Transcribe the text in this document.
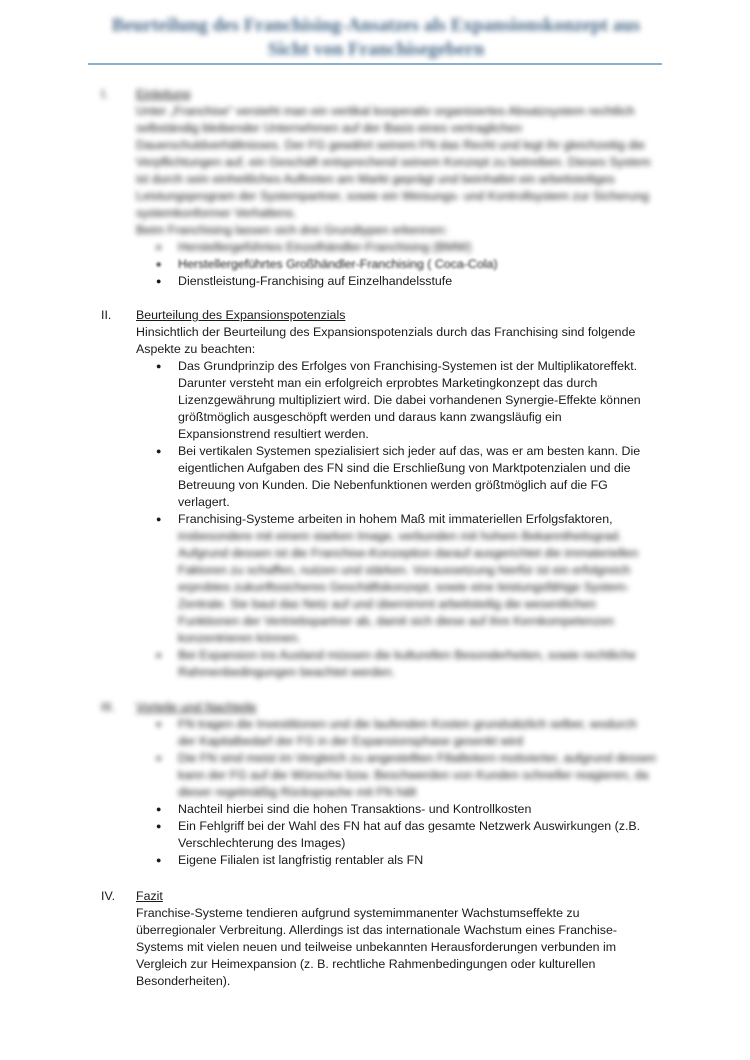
Beurteilung des Franchising-Ansatzes als Expansionskonzept aus Sicht von Franchisegebern
I.	Einleitung

Unter „Franchise“ versteht man ein vertikal kooperativ organisiertes Absatzsystem rechtlich selbständig bleibender Unternehmen auf der Basis eines vertraglichen Dauerschuldverhältnisses. Der FG gewährt seinem FN das Recht und legt ihr gleichzeitig die Verpflichtungen auf, ein Geschäft entsprechend seinem Konzept zu betreiben. Dieses System ist durch sein einheitliches Auftreten am Markt geprägt und beinhaltet ein arbeitsteiliges Leistungsprogram der Systempartner, sowie ein Weisungs- und Kontrollsystem zur Sicherung systemkonformer Verhaltens.

Beim Franchising lassen sich drei Grundtypen erkennen:

● Herstellergeführtes Einzelhändler-Franchising (BMW)
● Herstellergeführtes Großhändler-Franchising ( Coca-Cola)
● Dienstleistung-Franchising auf Einzelhandelsstufe
II.	Beurteilung des Expansionspotenzials

Hinsichtlich der Beurteilung des Expansionspotenzials durch das Franchising sind folgende Aspekte zu beachten:

● Das Grundprinzip des Erfolges von Franchising-Systemen ist der Multiplikatoreffekt. Darunter versteht man ein erfolgreich erprobtes Marketingkonzept das durch Lizenzgewährung multipliziert wird. Die dabei vorhandenen Synergie-Effekte können größtmöglich ausgeschöpft werden und daraus kann zwangsläufig ein Expansionstrend resultiert werden.
● Bei vertikalen Systemen spezialisiert sich jeder auf das, was er am besten kann. Die eigentlichen Aufgaben des FN sind die Erschließung von Marktpotenzialen und die Betreuung von Kunden. Die Nebenfunktionen werden größtmöglich auf die FG verlagert.
● Franchising-Systeme arbeiten in hohem Maß mit immateriellen Erfolgsfaktoren,
insbesondere mit einem starken Image, verbunden mit hohem Bekanntheitsgrad. Aufgrund dessen ist die Franchise-Konzeption darauf ausgerichtet die immateriellen Faktoren zu schaffen, nutzen und stärken. Voraussetzung hierfür ist ein erfolgreich erprobtes zukunftssicheres Geschäftskonzept, sowie eine leistungsfähige System-Zentrale. Sie baut das Netz auf und übernimmt arbeitsteilig die wesentlichen Funktionen der Vertriebspartner ab, damit sich diese auf ihre Kernkompetenzen konzentrieren können.
● Bei Expansion ins Ausland müssen die kulturellen Besonderheiten, sowie rechtliche Rahmenbedingungen beachtet werden.
III.	Vorteile und Nachteile

● FN tragen die Investitionen und die laufenden Kosten grundsätzlich selber, wodurch der Kapitalbedarf der FG in der Expansionsphase gesenkt wird
● Die FN sind meist im Vergleich zu angestellten Filialleitern motivierter, aufgrund dessen kann der FG auf die Wünsche bzw. Beschwerden von Kunden schneller reagieren, da dieser regelmäßig Rücksprache mit FN hält
● Nachteil hierbei sind die hohen Transaktions- und Kontrollkosten
● Ein Fehlgriff bei der Wahl des FN hat auf das gesamte Netzwerk Auswirkungen (z.B. Verschlechterung des Images)
● Eigene Filialen ist langfristig rentabler als FN
IV.	Fazit

Franchise-Systeme tendieren aufgrund systemimmanenter Wachstumseffekte zu überregionaler Verbreitung. Allerdings ist das internationale Wachstum eines Franchise-Systems mit vielen neuen und teilweise unbekannten Herausforderungen verbunden im Vergleich zur Heimexpansion (z. B. rechtliche Rahmenbedingungen oder kulturellen Besonderheiten).
